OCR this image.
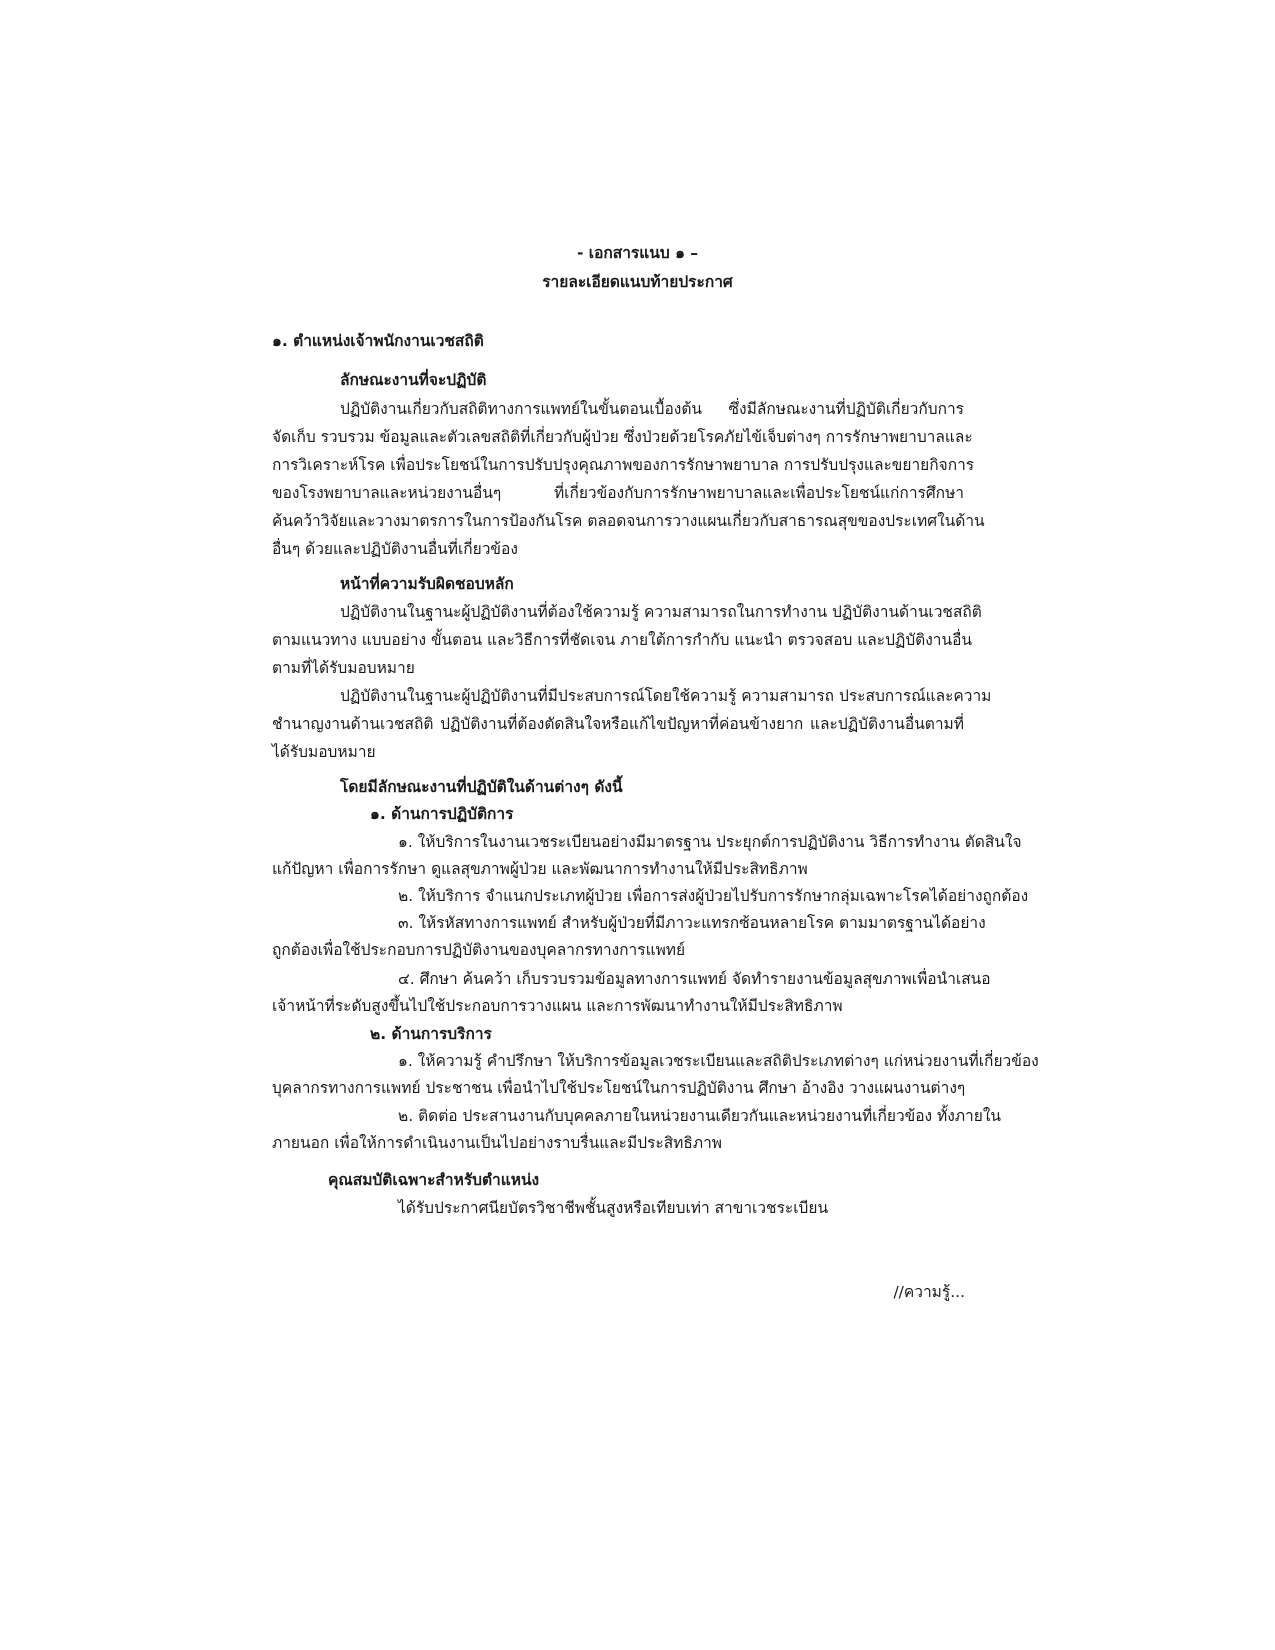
- เอกสารแนบ ๑ –
รายละเอียดแนบท้ายประกาศ
๑. ตำแหน่งเจ้าพนักงานเวชสถิติ
ลักษณะงานที่จะปฏิบัติ
ปฏิบัติงานเกี่ยวกับสถิติทางการแพทย์ในขั้นตอนเบื้องต้น ซึ่งมีลักษณะงานที่ปฏิบัติเกี่ยวกับการ
จัดเก็บ รวบรวม ข้อมูลและตัวเลขสถิติที่เกี่ยวกับผู้ป่วย ซึ่งป่วยด้วยโรคภัยไข้เจ็บต่างๆ การรักษาพยาบาลและ
การวิเคราะห์โรค เพื่อประโยชน์ในการปรับปรุงคุณภาพของการรักษาพยาบาล การปรับปรุงและขยายกิจการ
ของโรงพยาบาลและหน่วยงานอื่นๆ ที่เกี่ยวข้องกับการรักษาพยาบาลและเพื่อประโยชน์แก่การศึกษา
ค้นคว้าวิจัยและวางมาตรการในการป้องกันโรค ตลอดจนการวางแผนเกี่ยวกับสาธารณสุขของประเทศในด้าน
อื่นๆ ด้วยและปฏิบัติงานอื่นที่เกี่ยวข้อง
หน้าที่ความรับผิดชอบหลัก
ปฏิบัติงานในฐานะผู้ปฏิบัติงานที่ต้องใช้ความรู้ ความสามารถในการทำงาน ปฏิบัติงานด้านเวชสถิติ
ตามแนวทาง แบบอย่าง ขั้นตอน และวิธีการที่ชัดเจน ภายใต้การกำกับ แนะนำ ตรวจสอบ และปฏิบัติงานอื่น
ตามที่ได้รับมอบหมาย
ปฏิบัติงานในฐานะผู้ปฏิบัติงานที่มีประสบการณ์โดยใช้ความรู้ ความสามารถ ประสบการณ์และความ
ชำนาญงานด้านเวชสถิติ ปฏิบัติงานที่ต้องตัดสินใจหรือแก้ไขปัญหาที่ค่อนข้างยาก และปฏิบัติงานอื่นตามที่
ได้รับมอบหมาย
โดยมีลักษณะงานที่ปฏิบัติในด้านต่างๆ ดังนี้
๑. ด้านการปฏิบัติการ
๑. ให้บริการในงานเวชระเบียนอย่างมีมาตรฐาน ประยุกต์การปฏิบัติงาน วิธีการทำงาน ตัดสินใจ
แก้ปัญหา เพื่อการรักษา ดูแลสุขภาพผู้ป่วย และพัฒนาการทำงานให้มีประสิทธิภาพ
๒. ให้บริการ จำแนกประเภทผู้ป่วย เพื่อการส่งผู้ป่วยไปรับการรักษากลุ่มเฉพาะโรคได้อย่างถูกต้อง
๓. ให้รหัสทางการแพทย์ สำหรับผู้ป่วยที่มีภาวะแทรกซ้อนหลายโรค ตามมาตรฐานได้อย่าง
ถูกต้องเพื่อใช้ประกอบการปฏิบัติงานของบุคลากรทางการแพทย์
๔. ศึกษา ค้นคว้า เก็บรวบรวมข้อมูลทางการแพทย์ จัดทำรายงานข้อมูลสุขภาพเพื่อนำเสนอ
เจ้าหน้าที่ระดับสูงขึ้นไปใช้ประกอบการวางแผน และการพัฒนาทำงานให้มีประสิทธิภาพ
๒. ด้านการบริการ
๑. ให้ความรู้ คำปรึกษา ให้บริการข้อมูลเวชระเบียนและสถิติประเภทต่างๆ แก่หน่วยงานที่เกี่ยวข้อง
บุคลากรทางการแพทย์ ประชาชน เพื่อนำไปใช้ประโยชน์ในการปฏิบัติงาน ศึกษา อ้างอิง วางแผนงานต่างๆ
๒. ติดต่อ ประสานงานกับบุคคลภายในหน่วยงานเดียวกันและหน่วยงานที่เกี่ยวข้อง ทั้งภายใน
ภายนอก เพื่อให้การดำเนินงานเป็นไปอย่างราบรื่นและมีประสิทธิภาพ
คุณสมบัติเฉพาะสำหรับตำแหน่ง
ได้รับประกาศนียบัตรวิชาชีพชั้นสูงหรือเทียบเท่า สาขาเวชระเบียน
//ความรู้...
